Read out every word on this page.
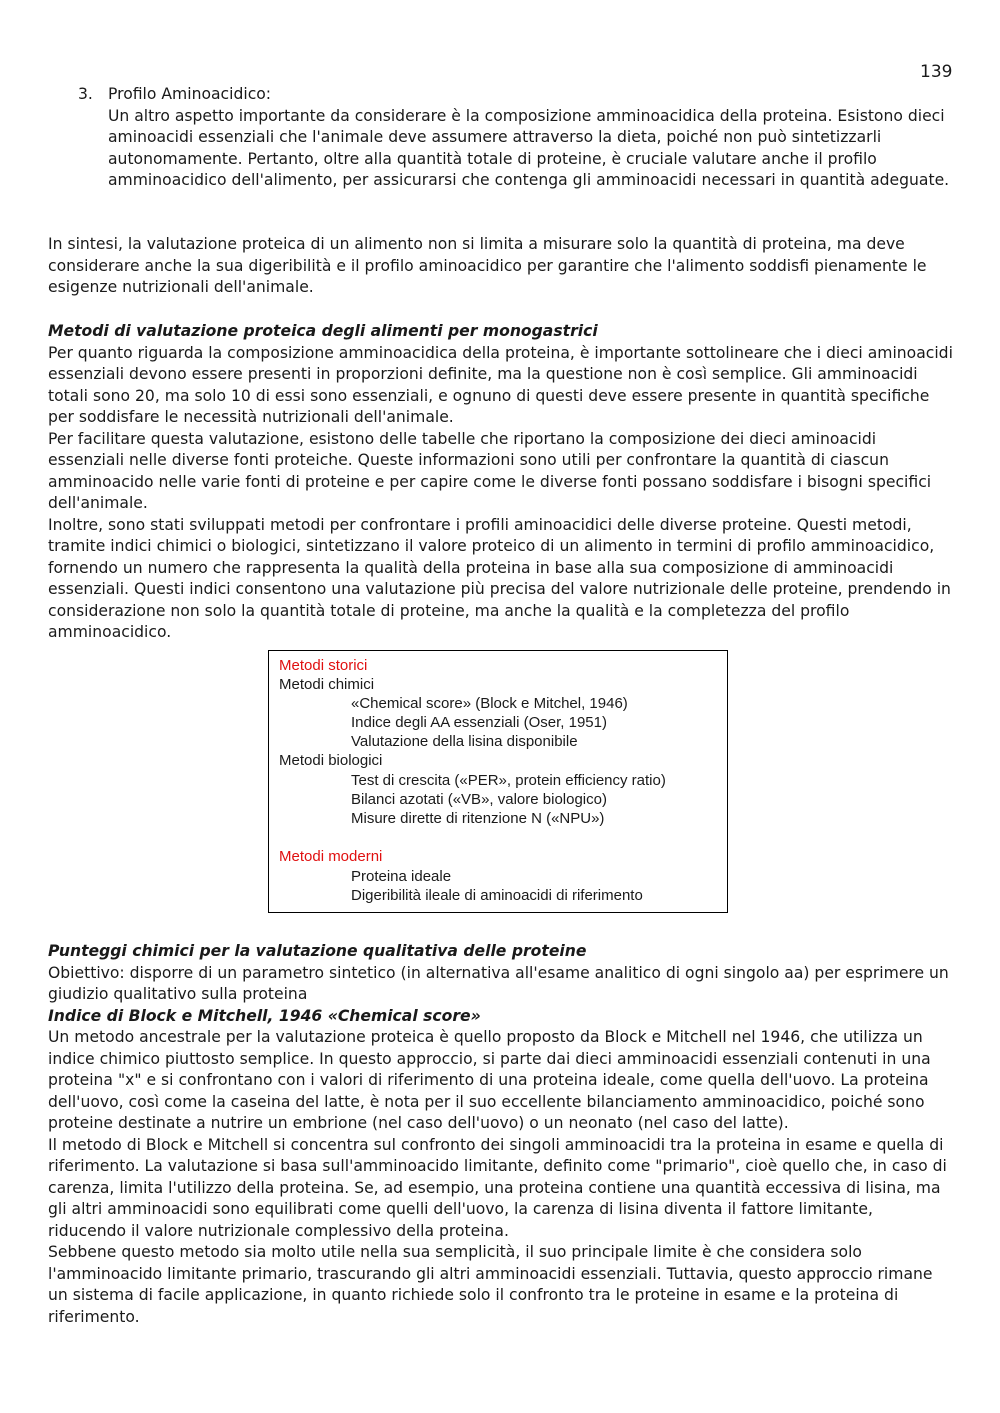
139
3. Profilo Aminoacidico:

Un altro aspetto importante da considerare è la composizione amminoacidica della proteina. Esistono dieci aminoacidi essenziali che l'animale deve assumere attraverso la dieta, poiché non può sintetizzarli autonomamente. Pertanto, oltre alla quantità totale di proteine, è cruciale valutare anche il profilo amminoacidico dell'alimento, per assicurarsi che contenga gli amminoacidi necessari in quantità adeguate.

In sintesi, la valutazione proteica di un alimento non si limita a misurare solo la quantità di proteina, ma deve considerare anche la sua digeribilità e il profilo aminoacidico per garantire che l'alimento soddisfi pienamente le esigenze nutrizionali dell'animale.

Metodi di valutazione proteica degli alimenti per monogastrici

Per quanto riguarda la composizione amminoacidica della proteina, è importante sottolineare che i dieci aminoacidi essenziali devono essere presenti in proporzioni definite, ma la questione non è così semplice. Gli amminoacidi totali sono 20, ma solo 10 di essi sono essenziali, e ognuno di questi deve essere presente in quantità specifiche per soddisfare le necessità nutrizionali dell'animale.

Per facilitare questa valutazione, esistono delle tabelle che riportano la composizione dei dieci aminoacidi essenziali nelle diverse fonti proteiche. Queste informazioni sono utili per confrontare la quantità di ciascun amminoacido nelle varie fonti di proteine e per capire come le diverse fonti possano soddisfare i bisogni specifici dell'animale.

Inoltre, sono stati sviluppati metodi per confrontare i profili aminoacidici delle diverse proteine. Questi metodi, tramite indici chimici o biologici, sintetizzano il valore proteico di un alimento in termini di profilo amminoacidico, fornendo un numero che rappresenta la qualità della proteina in base alla sua composizione di amminoacidi essenziali. Questi indici consentono una valutazione più precisa del valore nutrizionale delle proteine, prendendo in considerazione non solo la quantità totale di proteine, ma anche la qualità e la completezza del profilo amminoacidico.

Metodi storici
Metodi chimici
«Chemical score» (Block e Mitchel, 1946)
Indice degli AA essenziali (Oser, 1951)
Valutazione della lisina disponibile
Metodi biologici
Test di crescita («PER», protein efficiency ratio)
Bilanci azotati («VB», valore biologico)
Misure dirette di ritenzione N («NPU»)
Metodi moderni
Proteina ideale
Digeribilità ileale di aminoacidi di riferimento

Punteggi chimici per la valutazione qualitativa delle proteine

Obiettivo: disporre di un parametro sintetico (in alternativa all'esame analitico di ogni singolo aa) per esprimere un giudizio qualitativo sulla proteina

Indice di Block e Mitchell, 1946 «Chemical score»

Un metodo ancestrale per la valutazione proteica è quello proposto da Block e Mitchell nel 1946, che utilizza un indice chimico piuttosto semplice. In questo approccio, si parte dai dieci amminoacidi essenziali contenuti in una proteina "x" e si confrontano con i valori di riferimento di una proteina ideale, come quella dell'uovo. La proteina dell'uovo, così come la caseina del latte, è nota per il suo eccellente bilanciamento amminoacidico, poiché sono proteine destinate a nutrire un embrione (nel caso dell'uovo) o un neonato (nel caso del latte).

Il metodo di Block e Mitchell si concentra sul confronto dei singoli amminoacidi tra la proteina in esame e quella di riferimento. La valutazione si basa sull'amminoacido limitante, definito come "primario", cioè quello che, in caso di carenza, limita l'utilizzo della proteina. Se, ad esempio, una proteina contiene una quantità eccessiva di lisina, ma gli altri amminoacidi sono equilibrati come quelli dell'uovo, la carenza di lisina diventa il fattore limitante, riducendo il valore nutrizionale complessivo della proteina.

Sebbene questo metodo sia molto utile nella sua semplicità, il suo principale limite è che considera solo l'amminoacido limitante primario, trascurando gli altri amminoacidi essenziali. Tuttavia, questo approccio rimane un sistema di facile applicazione, in quanto richiede solo il confronto tra le proteine in esame e la proteina di riferimento.
